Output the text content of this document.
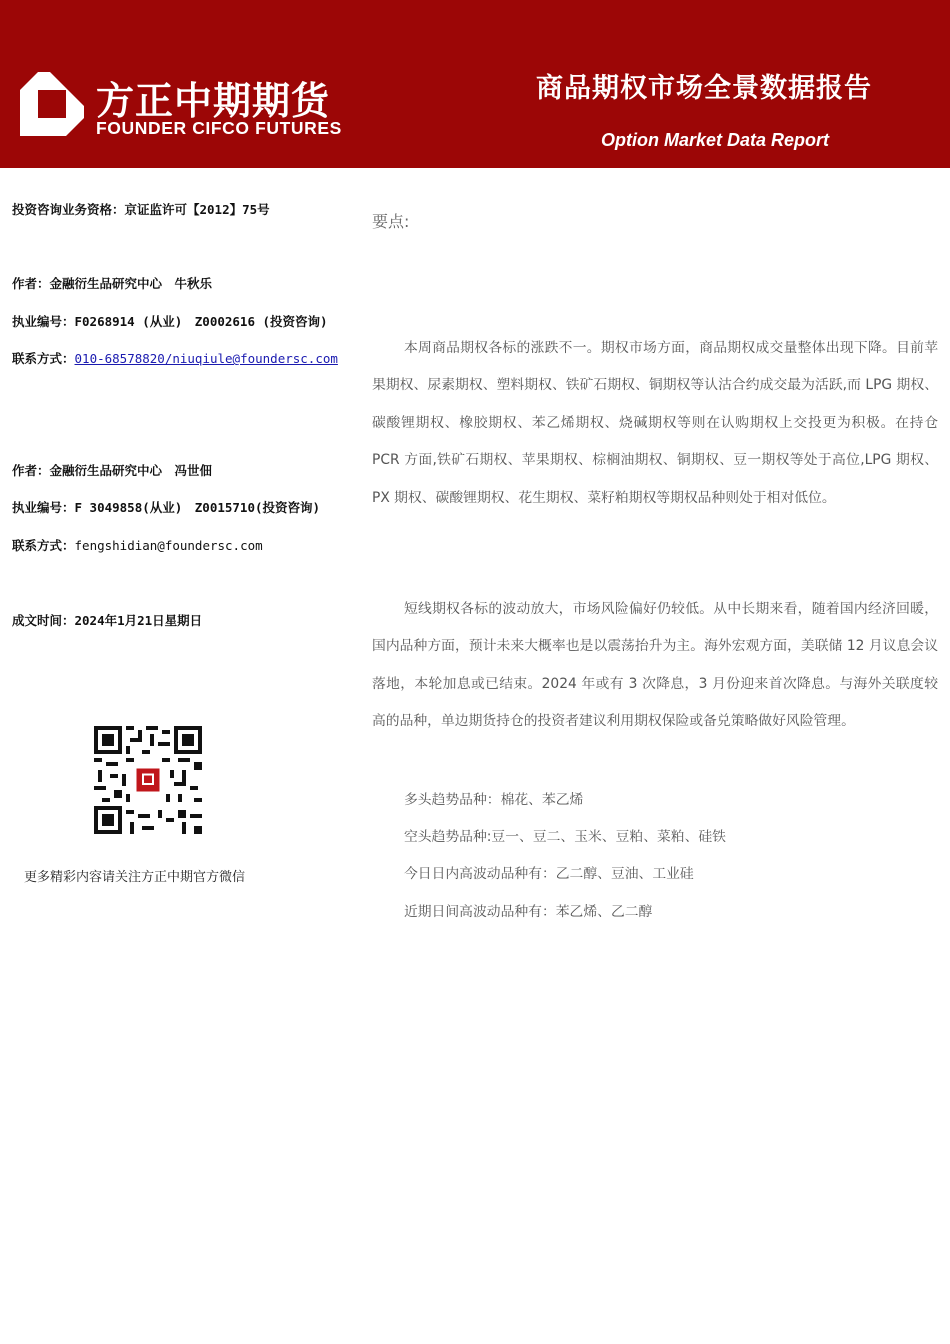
方正中期期货
FOUNDER CIFCO FUTURES
商品期权市场全景数据报告
Option Market Data Report
投资咨询业务资格：京证监许可【2012】75号
作者：金融衍生品研究中心　牛秋乐
执业编号：F0268914 (从业)　Z0002616 (投资咨询)
联系方式：010-68578820/niuqiule@foundersc.com
作者：金融衍生品研究中心　冯世佃
执业编号：F 3049858(从业)　Z0015710(投资咨询)
联系方式：fengshidian@foundersc.com
成文时间：2024年1月21日星期日
更多精彩内容请关注方正中期官方微信
要点:
本周商品期权各标的涨跌不一。期权市场方面，商品期权成交量整体出现下降。目前苹果期权、尿素期权、塑料期权、铁矿石期权、铜期权等认沽合约成交最为活跃,而 LPG 期权、碳酸锂期权、橡胶期权、苯乙烯期权、烧碱期权等则在认购期权上交投更为积极。在持仓 PCR 方面,铁矿石期权、苹果期权、棕榈油期权、铜期权、豆一期权等处于高位,LPG 期权、PX 期权、碳酸锂期权、花生期权、菜籽粕期权等期权品种则处于相对低位。
短线期权各标的波动放大，市场风险偏好仍较低。从中长期来看，随着国内经济回暖，国内品种方面，预计未来大概率也是以震荡抬升为主。海外宏观方面，美联储 12 月议息会议落地，本轮加息或已结束。2024 年或有 3 次降息，3 月份迎来首次降息。与海外关联度较高的品种，单边期货持仓的投资者建议利用期权保险或备兑策略做好风险管理。
多头趋势品种：棉花、苯乙烯
空头趋势品种:豆一、豆二、玉米、豆粕、菜粕、硅铁
今日日内高波动品种有：乙二醇、豆油、工业硅
近期日间高波动品种有：苯乙烯、乙二醇
